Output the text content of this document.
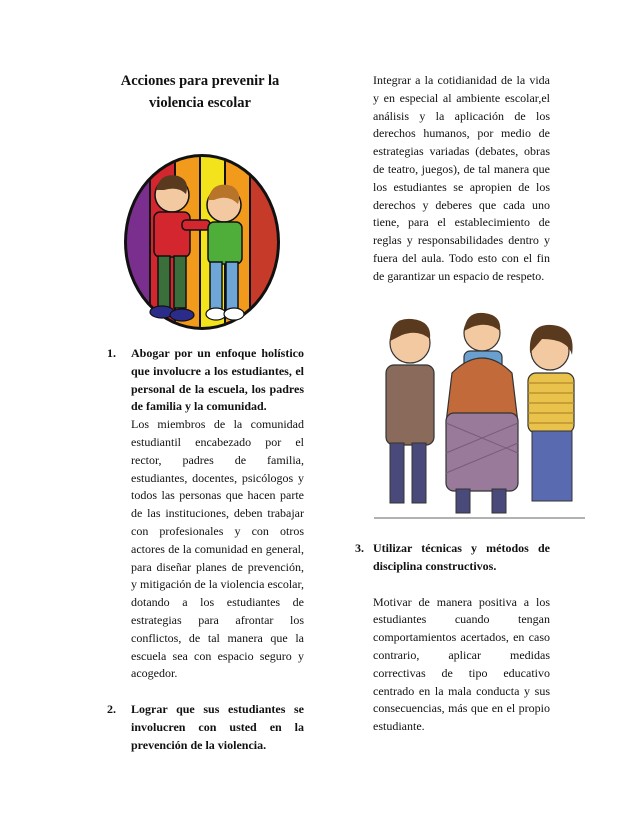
Acciones para prevenir la violencia escolar

1.	Abogar por un enfoque holístico que involucre a los estudiantes, el personal de la escuela, los padres de familia y la comunidad.

Los miembros de la comunidad estudiantil encabezado por el rector, padres de familia, estudiantes, docentes, psicólogos y todos las personas que hacen parte de las instituciones, deben trabajar con profesionales y con otros actores de la comunidad en general, para diseñar planes de prevención, y mitigación de la violencia escolar, dotando a los estudiantes de estrategias para afrontar los conflictos, de tal manera que la escuela sea con espacio seguro y acogedor.

2.	Lograr que sus estudiantes se involucren con usted en la prevención de la violencia.

Integrar a la cotidianidad de la vida y en especial al ambiente escolar,el análisis y la aplicación de los derechos humanos, por medio de estrategias variadas (debates, obras de teatro, juegos), de tal manera que los estudiantes se apropien de los derechos y deberes que cada uno tiene, para el establecimiento de reglas y responsabilidades dentro y fuera del aula. Todo esto con el fin de garantizar un espacio de respeto.

3. Utilizar técnicas y métodos de disciplina constructivos.

Motivar de manera positiva a los estudiantes cuando tengan comportamientos acertados, en caso contrario, aplicar medidas correctivas de tipo educativo centrado en la mala conducta y sus consecuencias, más que en el propio estudiante.
